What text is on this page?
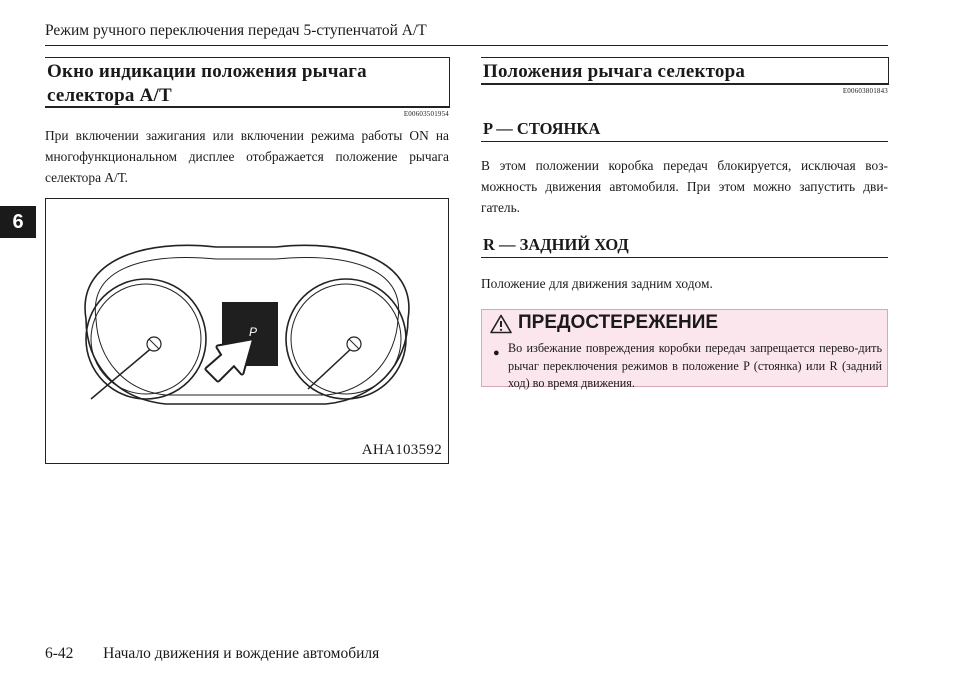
Режим ручного переключения передач 5-ступенчатой А/Т
6
Окно индикации положения рычага
селектора А/Т
E00603501954
При включении зажигания или включении режима работы ON на многофункциональном дисплее отображается положение рычага селектора А/Т.
P
AHA103592
Положения рычага селектора
E00603801843
P — СТОЯНКА
В этом положении коробка передач блокируется, исключая воз-можность движения автомобиля. При этом можно запустить дви-гатель.
R — ЗАДНИЙ ХОД
Положение для движения задним ходом.
ПРЕДОСТЕРЕЖЕНИЕ
● Во избежание повреждения коробки передач запрещается перево-дить рычаг переключения режимов в положение P (стоянка) или R (задний ход) во время движения.
6-42 Начало движения и вождение автомобиля
